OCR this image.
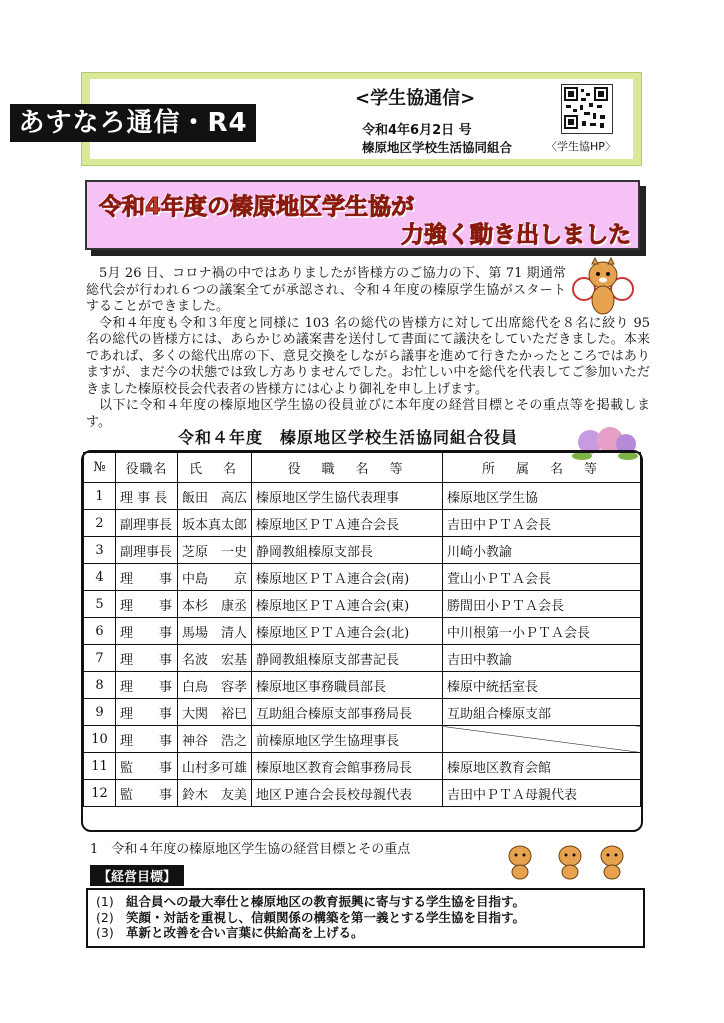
あすなろ通信・R4
<学生協通信>
令和4年6月2日 号
榛原地区学校生活協同組合	〈学生協HP〉
令和4年度の榛原地区学生協が
力強く動き出しました

5月 26 日、コロナ禍の中ではありましたが皆様方のご協力の下、第 71 期通常総代会が行われ６つの議案全てが承認され、令和４年度の榛原学生協がスタートすることができました。

令和４年度も令和３年度と同様に 103 名の総代の皆様方に対して出席総代を８名に絞り 95 名の総代の皆様方には、あらかじめ議案書を送付して書面にて議決をしていただきました。本来であれば、多くの総代出席の下、意見交換をしながら議事を進めて行きたかったところではありますが、まだ今の状態では致し方ありませんでした。お忙しい中を総代を代表してご参加いただきました榛原校長会代表者の皆様方には心より御礼を申し上げます。

以下に令和４年度の榛原地区学生協の役員並びに本年度の経営目標とその重点等を掲載します。

令和４年度　榛原地区学校生活協同組合役員
№	役職名	氏　名	役　職　名　等	所　属　名　等
1	理 事 長	飯田　高広	榛原地区学生協代表理事	榛原地区学生協
2	副理事長	坂本真太郎	榛原地区ＰＴＡ連合会長	吉田中ＰＴＡ会長
3	副理事長	芝原　一史	静岡教組榛原支部長	川崎小教諭
4	理　　事	中島　　京	榛原地区ＰＴＡ連合会(南)	萓山小ＰＴＡ会長
5	理　　事	本杉　康丞	榛原地区ＰＴＡ連合会(東)	勝間田小ＰＴＡ会長
6	理　　事	馬場　清人	榛原地区ＰＴＡ連合会(北)	中川根第一小ＰＴＡ会長
7	理　　事	名波　宏基	静岡教組榛原支部書記長	吉田中教諭
8	理　　事	白鳥　容孝	榛原地区事務職員部長	榛原中統括室長
9	理　　事	大関　裕巳	互助組合榛原支部事務局長	互助組合榛原支部
10	理　　事	神谷　浩之	前榛原地区学生協理事長	
11	監　　事	山村多可雄	榛原地区教育会館事務局長	榛原地区教育会館
12	監　　事	鈴木　友美	地区Ｐ連合会長校母親代表	吉田中ＰＴＡ母親代表
1　令和４年度の榛原地区学生協の経営目標とその重点
【経営目標】
(1) 組合員への最大奉仕と榛原地区の教育振興に寄与する学生協を目指す。
(2) 笑顔・対話を重視し、信頼関係の構築を第一義とする学生協を目指す。
(3) 革新と改善を合い言葉に供給高を上げる。
